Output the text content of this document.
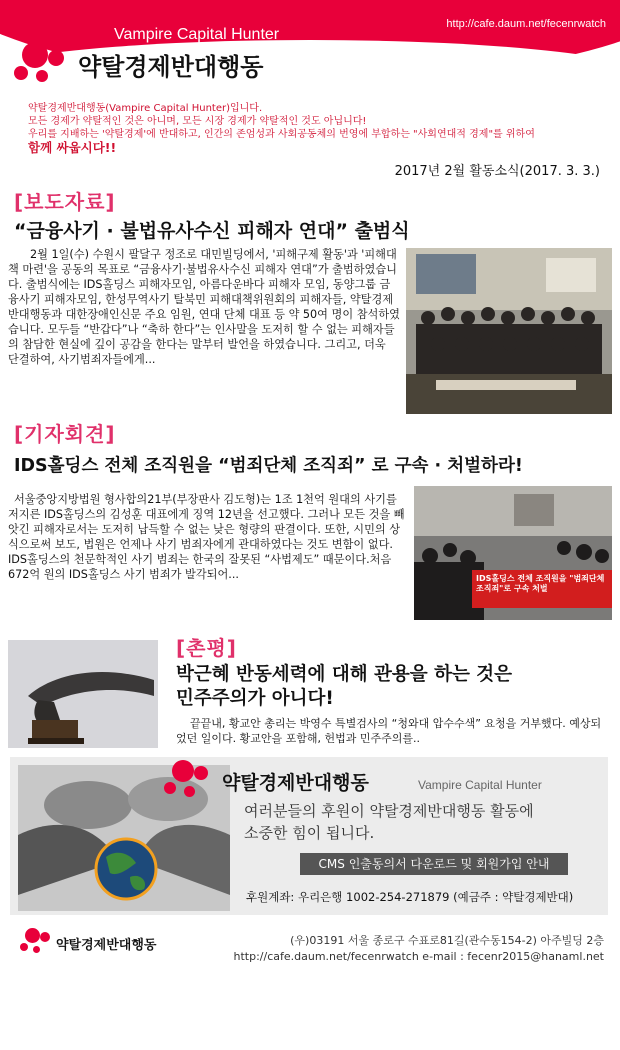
Vampire Capital Hunter
http://cafe.daum.net/fecenrwatch
약탈경제반대행동
약탈경제반대행동(Vampire Capital Hunter)입니다.
모든 경제가 약탈적인 것은 아니며, 모든 시장 경제가 약탈적인 것도 아닙니다!
우리를 지배하는 '약탈경제'에 반대하고, 인간의 존엄성과 사회공동체의 번영에 부합하는 "사회연대적 경제"를 위하여
함께 싸웁시다!!
2017년 2월 활동소식(2017. 3. 3.)
[보도자료]
“금융사기 · 불법유사수신 피해자 연대” 출범식
2월 1일(수) 수원시 팔달구 정조로 대민빌딩에서, '피해구제 활동'과 '피해대책 마련'을 공동의 목표로 “금융사기·불법유사수신 피해자 연대”가 출범하였습니다. 출범식에는 IDS홀딩스 피해자모임, 아름다운바다 피해자 모임, 동양그룹 금융사기 피해자모임, 한성무역사기 탈북민 피해대책위원회의 피해자들, 약탈경제반대행동과 대한장애인신문 주요 임원, 연대 단체 대표 등 약 50여 명이 참석하였습니다. 모두들 “반갑다”나 “축하 한다”는 인사말을 도저히 할 수 없는 피해자들의 참담한 현실에 깊이 공감을 한다는 말부터 발언을 하였습니다. 그리고, 더욱 단결하여, 사기범죄자들에게...
[기자회견]
IDS홀딩스 전체 조직원을 “범죄단체 조직죄” 로 구속 · 처벌하라!
서울중앙지방법원 형사합의21부(부장판사 김도형)는 1조 1천억 원대의 사기를 저지른 IDS홀딩스의 김성훈 대표에게 징역 12년을 선고했다. 그러나 모든 것을 빼앗긴 피해자로서는 도저히 납득할 수 없는 낮은 형량의 판결이다. 또한, 시민의 상식으로써 보도, 법원은 언제나 사기 범죄자에게 관대하였다는 것도 변함이 없다. IDS홀딩스의 천문학적인 사기 범죄는 한국의 잘못된 “사법제도” 때문이다.처음 672억 원의 IDS홀딩스 사기 범죄가 발각되어...	IDS홀딩스 전체 조직원을 "범죄단체 조직죄"로 구속 처벌
[촌평]
박근혜 반동세력에 대해 관용을 하는 것은
민주주의가 아니다!
끝끝내, 황교안 총리는 박영수 특별검사의 “청와대 압수수색” 요청을 거부했다. 예상되었던 일이다. 황교안을 포함해, 헌법과 민주주의를..
약탈경제반대행동	Vampire Capital Hunter
여러분들의 후원이 약탈경제반대행동 활동에
소중한 힘이 됩니다.
CMS 인출동의서 다운로드 및 회원가입 안내
후원계좌: 우리은행 1002-254-271879 (예금주 : 약탈경제반대)
약탈경제반대행동	(우)03191 서울 종로구 수표로81길(관수동154-2) 아주빌딩 2층
http://cafe.daum.net/fecenrwatch e-mail : fecenr2015@hanaml.net
